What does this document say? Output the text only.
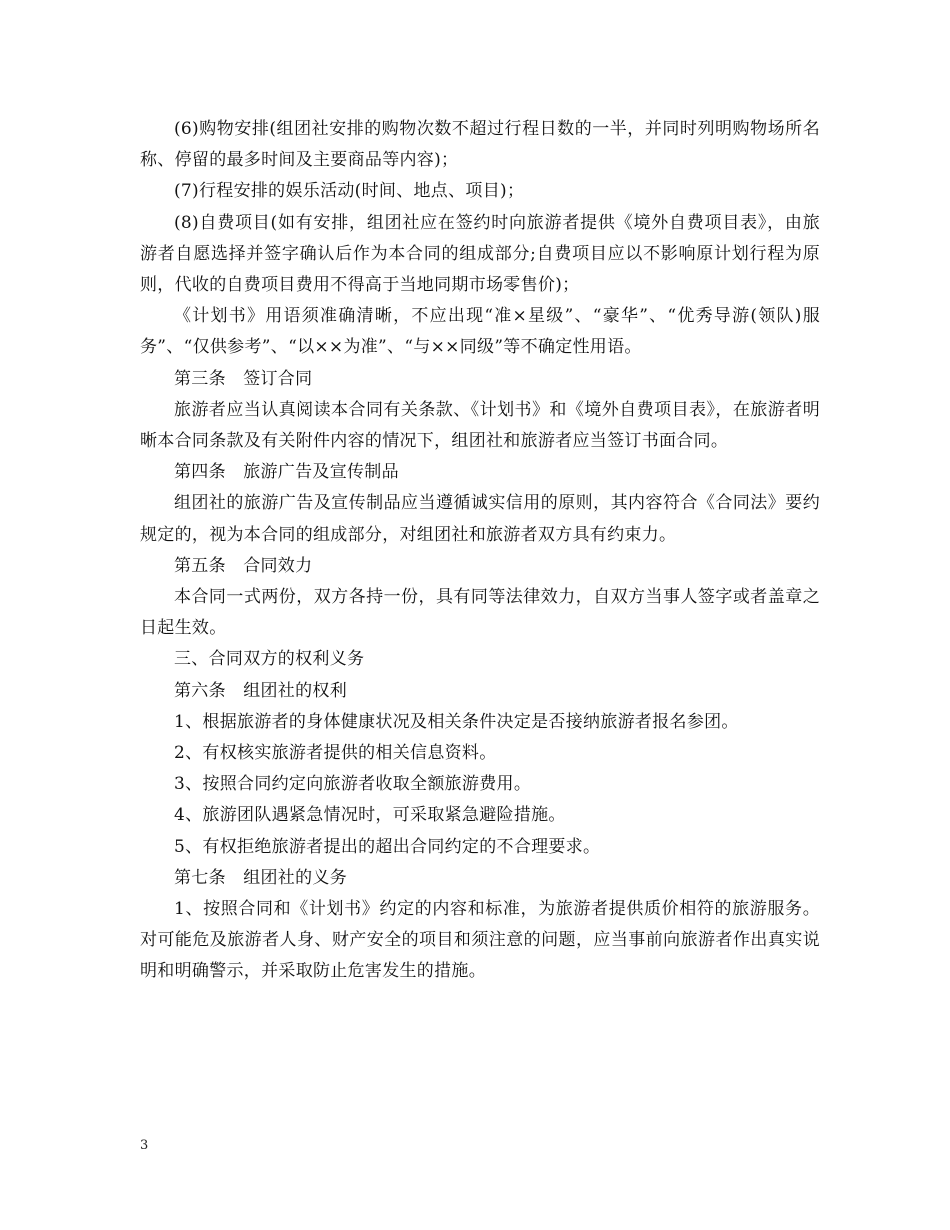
(6)购物安排(组团社安排的购物次数不超过行程日数的一半，并同时列明购物场所名称、停留的最多时间及主要商品等内容)；

(7)行程安排的娱乐活动(时间、地点、项目)；

(8)自费项目(如有安排，组团社应在签约时向旅游者提供《境外自费项目表》，由旅游者自愿选择并签字确认后作为本合同的组成部分;自费项目应以不影响原计划行程为原则，代收的自费项目费用不得高于当地同期市场零售价)；

《计划书》用语须准确清晰，不应出现“准×星级”、“豪华”、“优秀导游(领队)服务”、“仅供参考”、“以××为准”、“与××同级”等不确定性用语。

第三条　签订合同

旅游者应当认真阅读本合同有关条款、《计划书》和《境外自费项目表》，在旅游者明晰本合同条款及有关附件内容的情况下，组团社和旅游者应当签订书面合同。

第四条　旅游广告及宣传制品

组团社的旅游广告及宣传制品应当遵循诚实信用的原则，其内容符合《合同法》要约规定的，视为本合同的组成部分，对组团社和旅游者双方具有约束力。

第五条　合同效力

本合同一式两份，双方各持一份，具有同等法律效力，自双方当事人签字或者盖章之日起生效。

三、合同双方的权利义务

第六条　组团社的权利

1、根据旅游者的身体健康状况及相关条件决定是否接纳旅游者报名参团。

2、有权核实旅游者提供的相关信息资料。

3、按照合同约定向旅游者收取全额旅游费用。

4、旅游团队遇紧急情况时，可采取紧急避险措施。

5、有权拒绝旅游者提出的超出合同约定的不合理要求。

第七条　组团社的义务

1、按照合同和《计划书》约定的内容和标准，为旅游者提供质价相符的旅游服务。对可能危及旅游者人身、财产安全的项目和须注意的问题，应当事前向旅游者作出真实说明和明确警示，并采取防止危害发生的措施。

3
